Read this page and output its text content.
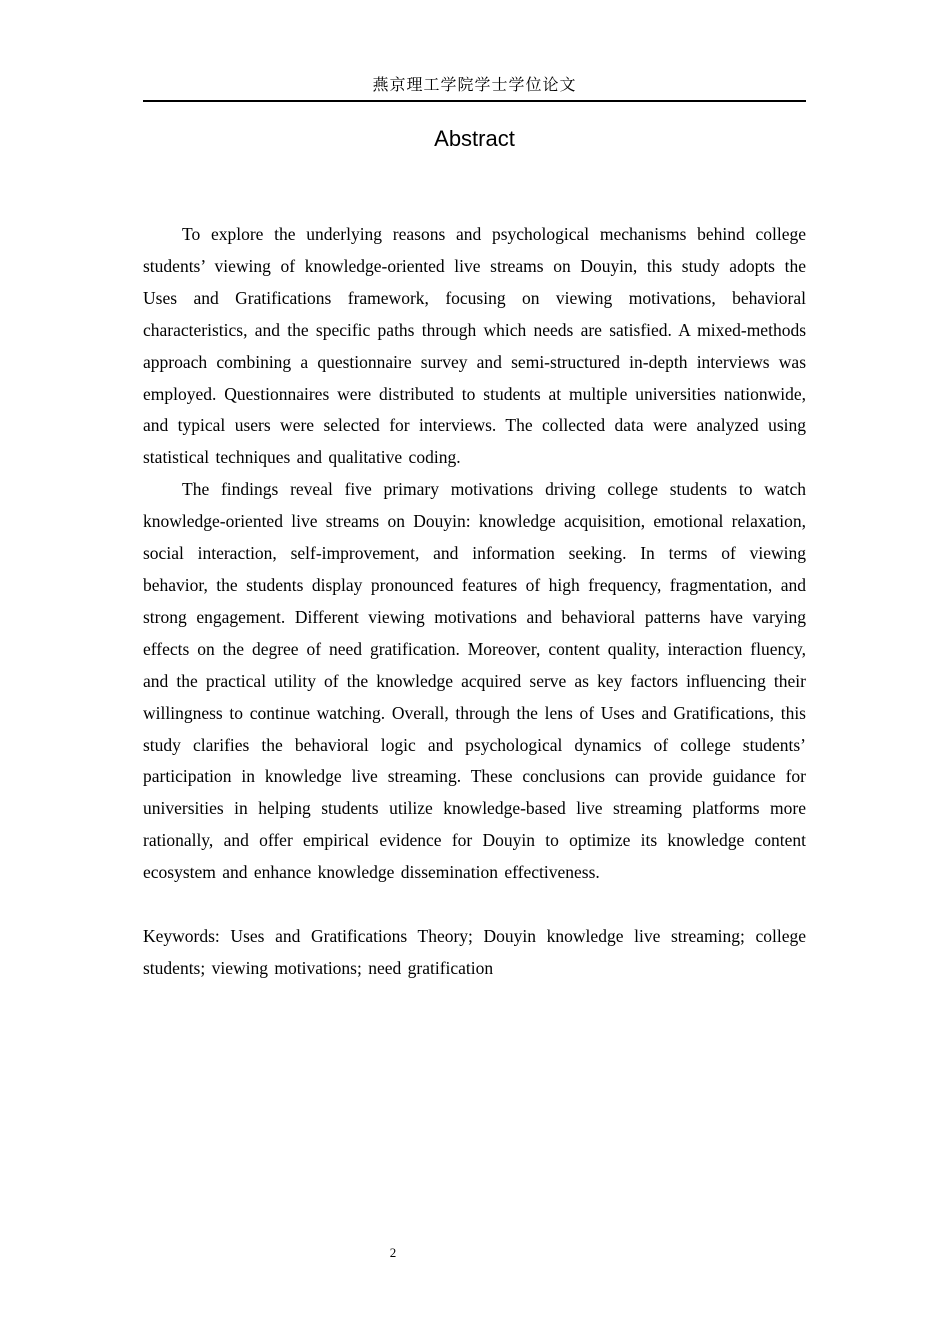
燕京理工学院学士学位论文
Abstract

To explore the underlying reasons and psychological mechanisms behind college students’ viewing of knowledge-oriented live streams on Douyin, this study adopts the Uses and Gratifications framework, focusing on viewing motivations, behavioral characteristics, and the specific paths through which needs are satisfied. A mixed-methods approach combining a questionnaire survey and semi-structured in-depth interviews was employed. Questionnaires were distributed to students at multiple universities nationwide, and typical users were selected for interviews. The collected data were analyzed using statistical techniques and qualitative coding.

The findings reveal five primary motivations driving college students to watch knowledge-oriented live streams on Douyin: knowledge acquisition, emotional relaxation, social interaction, self-improvement, and information seeking. In terms of viewing behavior, the students display pronounced features of high frequency, fragmentation, and strong engagement. Different viewing motivations and behavioral patterns have varying effects on the degree of need gratification. Moreover, content quality, interaction fluency, and the practical utility of the knowledge acquired serve as key factors influencing their willingness to continue watching. Overall, through the lens of Uses and Gratifications, this study clarifies the behavioral logic and psychological dynamics of college students’ participation in knowledge live streaming. These conclusions can provide guidance for universities in helping students utilize knowledge-based live streaming platforms more rationally, and offer empirical evidence for Douyin to optimize its knowledge content ecosystem and enhance knowledge dissemination effectiveness.

Keywords: Uses and Gratifications Theory; Douyin knowledge live streaming; college students; viewing motivations; need gratification

2
